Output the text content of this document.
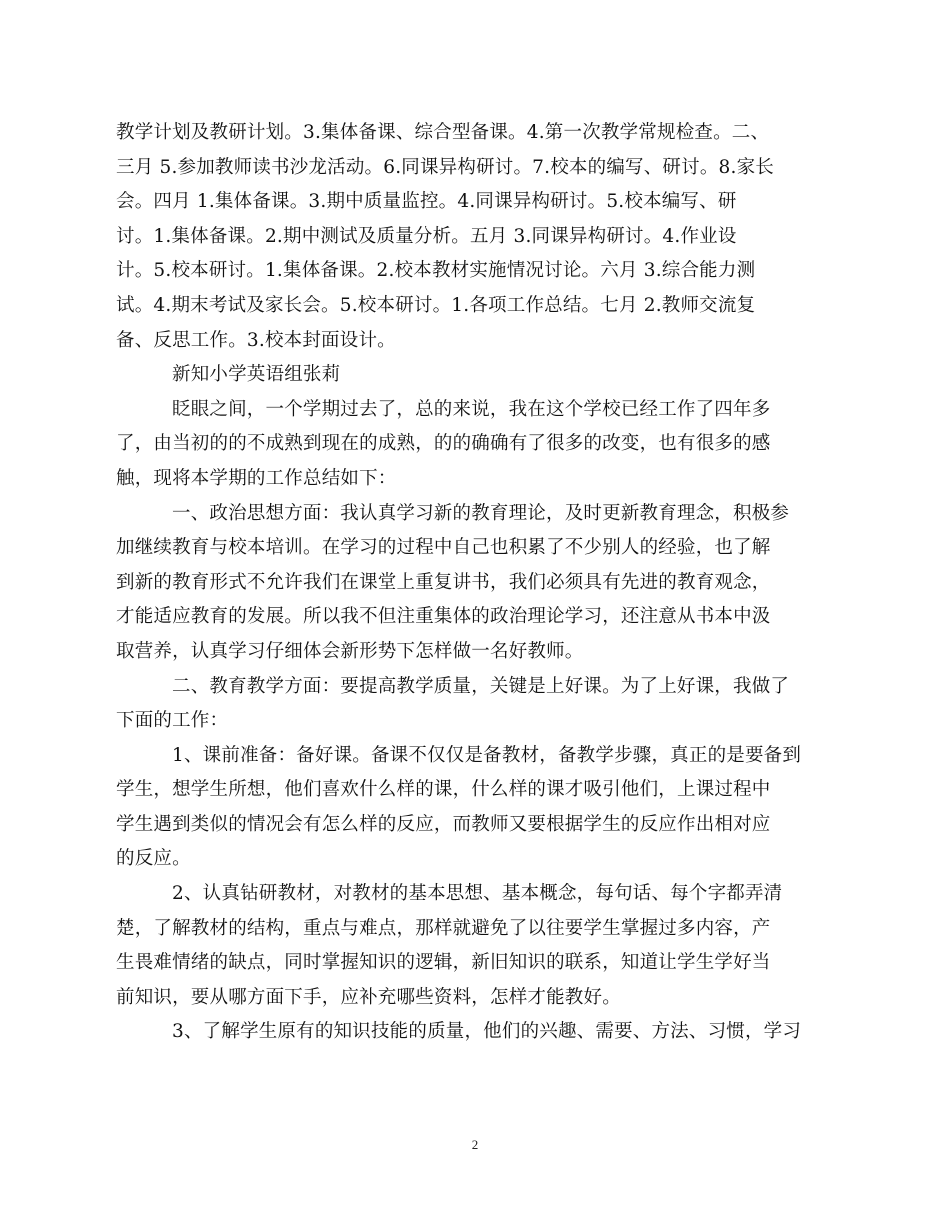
教学计划及教研计划。3.集体备课、综合型备课。4.第一次教学常规检查。二、
三月 5.参加教师读书沙龙活动。6.同课异构研讨。7.校本的编写、研讨。8.家长
会。四月 1.集体备课。3.期中质量监控。4.同课异构研讨。5.校本编写、研
讨。1.集体备课。2.期中测试及质量分析。五月 3.同课异构研讨。4.作业设
计。5.校本研讨。1.集体备课。2.校本教材实施情况讨论。六月 3.综合能力测
试。4.期末考试及家长会。5.校本研讨。1.各项工作总结。七月 2.教师交流复
备、反思工作。3.校本封面设计。
新知小学英语组张莉
眨眼之间，一个学期过去了，总的来说，我在这个学校已经工作了四年多
了，由当初的的不成熟到现在的成熟，的的确确有了很多的改变，也有很多的感
触，现将本学期的工作总结如下：
一、政治思想方面：我认真学习新的教育理论，及时更新教育理念，积极参
加继续教育与校本培训。在学习的过程中自己也积累了不少别人的经验，也了解
到新的教育形式不允许我们在课堂上重复讲书，我们必须具有先进的教育观念，
才能适应教育的发展。所以我不但注重集体的政治理论学习，还注意从书本中汲
取营养，认真学习仔细体会新形势下怎样做一名好教师。
二、教育教学方面：要提高教学质量，关键是上好课。为了上好课，我做了
下面的工作：
1、课前准备：备好课。备课不仅仅是备教材，备教学步骤，真正的是要备到
学生，想学生所想，他们喜欢什么样的课，什么样的课才吸引他们，上课过程中
学生遇到类似的情况会有怎么样的反应，而教师又要根据学生的反应作出相对应
的反应。
2、认真钻研教材，对教材的基本思想、基本概念，每句话、每个字都弄清
楚，了解教材的结构，重点与难点，那样就避免了以往要学生掌握过多内容，产
生畏难情绪的缺点，同时掌握知识的逻辑，新旧知识的联系，知道让学生学好当
前知识，要从哪方面下手，应补充哪些资料，怎样才能教好。
3、了解学生原有的知识技能的质量，他们的兴趣、需要、方法、习惯，学习
2
